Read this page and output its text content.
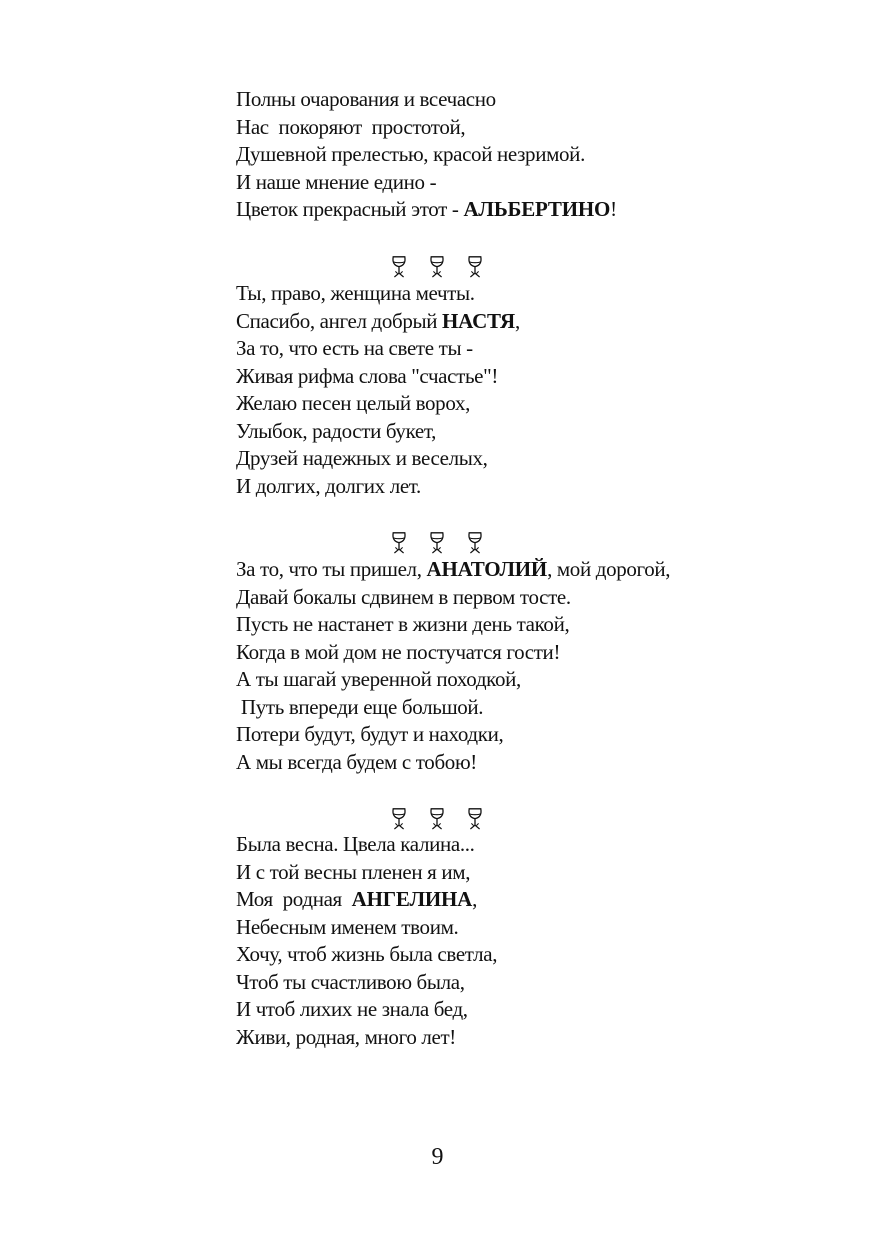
Полны очарования и всечасно
Нас  покоряют  простотой,
Душевной прелестью, красой незримой.
И наше мнение едино -
Цветок прекрасный этот - АЛЬБЕРТИНО!
Ты, право, женщина мечты.
Спасибо, ангел добрый НАСТЯ,
За то, что есть на свете ты -
Живая рифма слова "счастье"!
Желаю песен целый ворох,
Улыбок, радости букет,
Друзей надежных и веселых,
И долгих, долгих лет.
За то, что ты пришел, АНАТОЛИЙ, мой дорогой,
Давай бокалы сдвинем в первом тосте.
Пусть не настанет в жизни день такой,
Когда в мой дом не постучатся гости!
А ты шагай уверенной походкой,
Путь впереди еще большой.
Потери будут, будут и находки,
А мы всегда будем с тобою!
Была весна. Цвела калина...
И с той весны пленен я им,
Моя  родная  АНГЕЛИНА,
Небесным именем твоим.
Хочу, чтоб жизнь была светла,
Чтоб ты счастливою была,
И чтоб лихих не знала бед,
Живи, родная, много лет!
9
